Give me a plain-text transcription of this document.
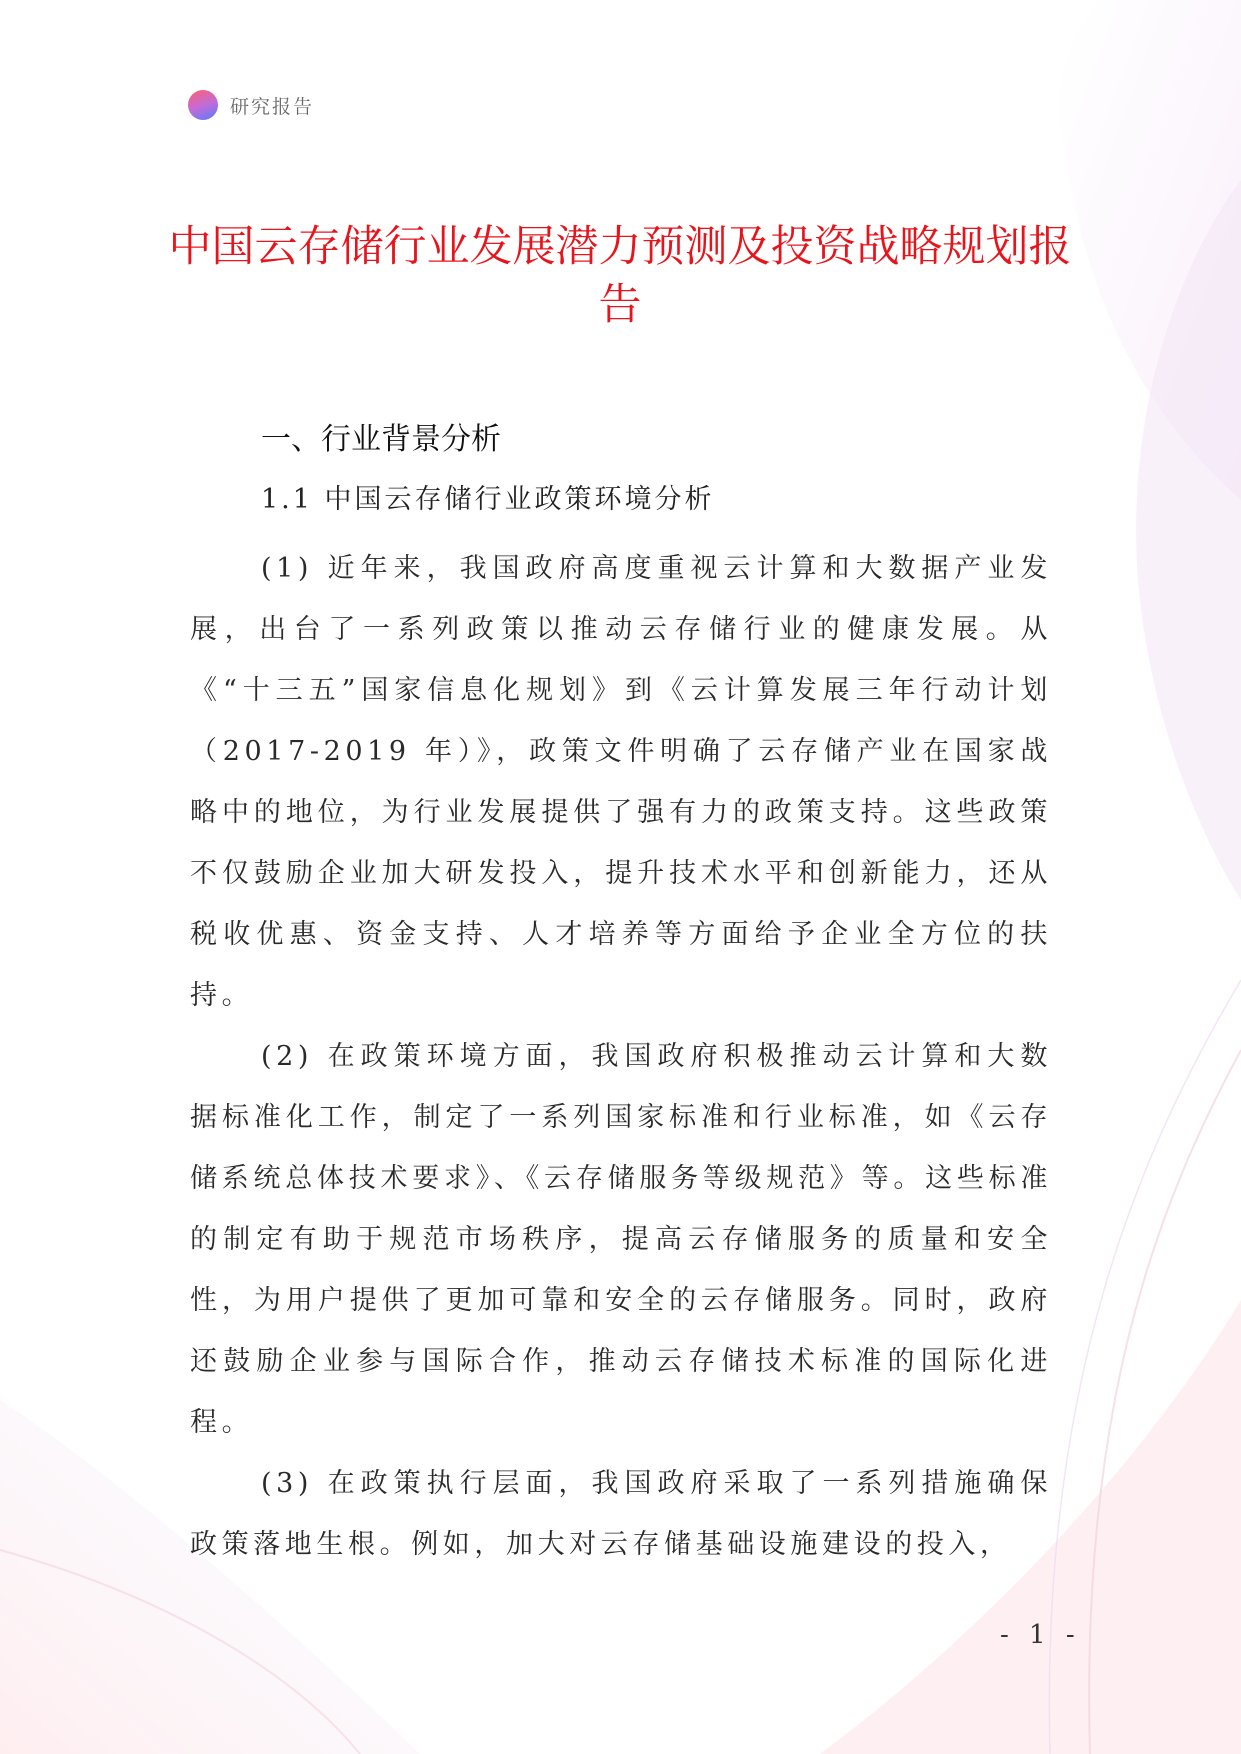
研究报告
中国云存储行业发展潜力预测及投资战略规划报告
一、行业背景分析
1.1 中国云存储行业政策环境分析

(1) 近年来，我国政府高度重视云计算和大数据产业发展，出台了一系列政策以推动云存储行业的健康发展。从《“十三五”国家信息化规划》到《云计算发展三年行动计划（2017-2019 年）》，政策文件明确了云存储产业在国家战略中的地位，为行业发展提供了强有力的政策支持。这些政策不仅鼓励企业加大研发投入，提升技术水平和创新能力，还从税收优惠、资金支持、人才培养等方面给予企业全方位的扶持。

(2) 在政策环境方面，我国政府积极推动云计算和大数据标准化工作，制定了一系列国家标准和行业标准，如《云存储系统总体技术要求》、《云存储服务等级规范》等。这些标准的制定有助于规范市场秩序，提高云存储服务的质量和安全性，为用户提供了更加可靠和安全的云存储服务。同时，政府还鼓励企业参与国际合作，推动云存储技术标准的国际化进程。

(3) 在政策执行层面，我国政府采取了一系列措施确保政策落地生根。例如，加大对云存储基础设施建设的投入，

- 1 -
